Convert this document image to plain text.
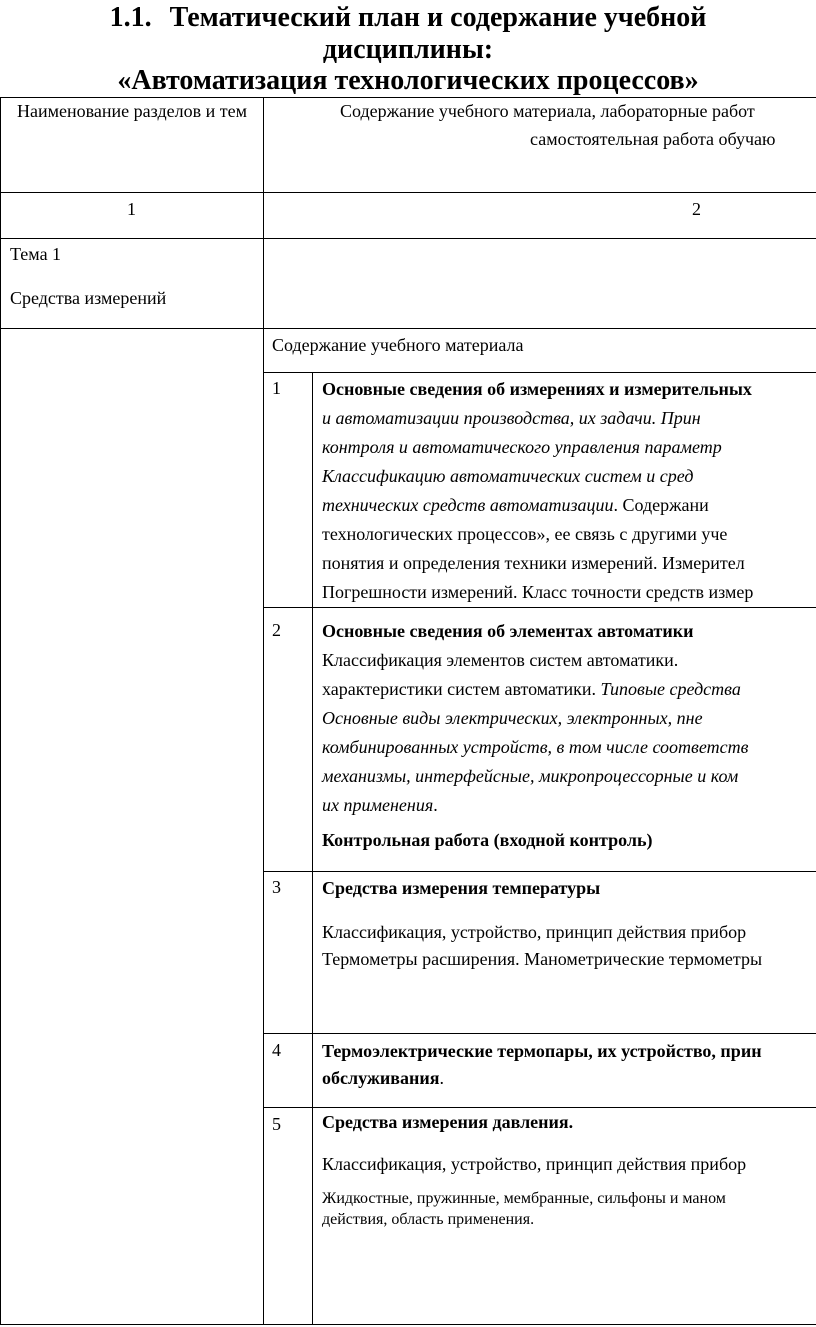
1.1. Тематический план и содержание учебной
дисциплины:
«Автоматизация технологических процессов»
Наименование разделов и тем	Содержание учебного материала, лабораторные работ
самостоятельная работа обучаю
1	2
Тема 1
Средства измерений
Содержание учебного материала
1 Основные сведения об измерениях и измерительных
и автоматизации производства, их задачи. Прин
контроля и автоматического управления параметр
Классификацию автоматических систем и сред
технических средств автоматизации. Содержани
технологических процессов», ее связь с другими уче
понятия и определения техники измерений. Измерител
Погрешности измерений. Класс точности средств измер
2 Основные сведения об элементах автоматики
Классификация элементов систем автоматики.
характеристики систем автоматики. Типовые средства
Основные виды электрических, электронных, пне
комбинированных устройств, в том числе соответств
механизмы, интерфейсные, микропроцессорные и ком
их применения.
Контрольная работа (входной контроль)
3 Средства измерения температуры
Классификация, устройство, принцип действия прибор
Термометры расширения. Манометрические термометры
4 Термоэлектрические термопары, их устройство, прин
обслуживания.
5 Средства измерения давления.
Классификация, устройство, принцип действия прибор
Жидкостные, пружинные, мембранные, сильфоны и маном
действия, область применения.
